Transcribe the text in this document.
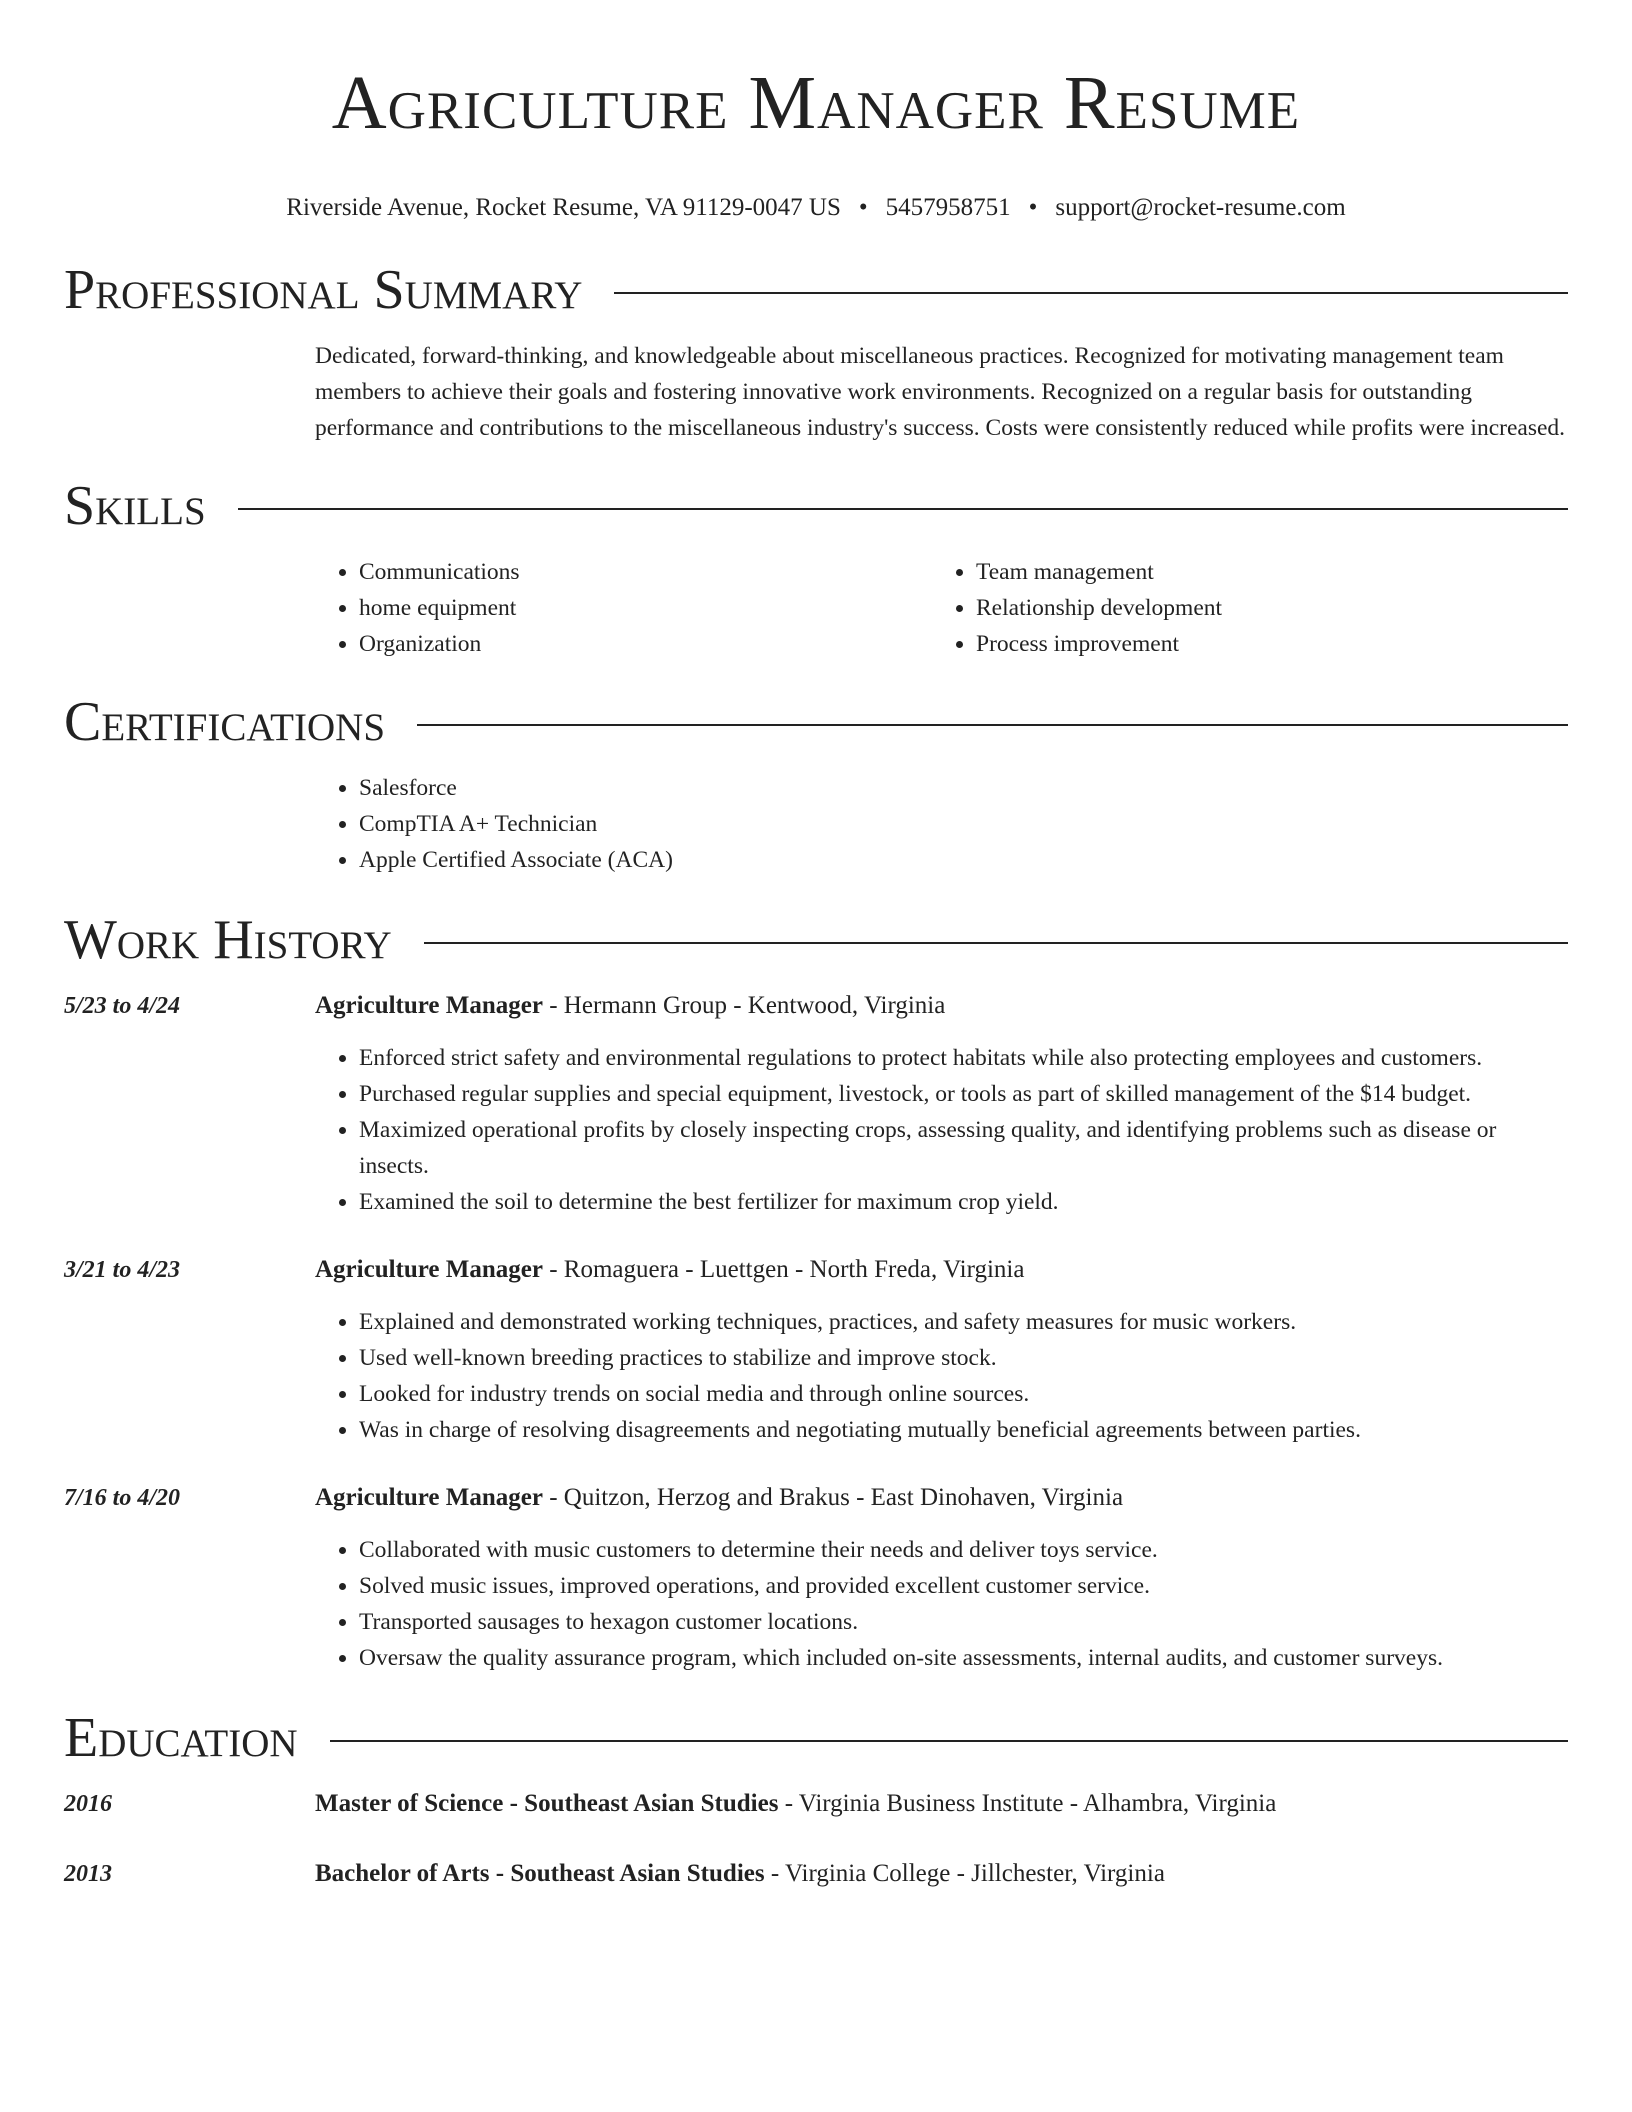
Agriculture Manager Resume
Riverside Avenue, Rocket Resume, VA 91129-0047 US • 5457958751 • support@rocket-resume.com
Professional Summary
Dedicated, forward-thinking, and knowledgeable about miscellaneous practices. Recognized for motivating management team members to achieve their goals and fostering innovative work environments. Recognized on a regular basis for outstanding performance and contributions to the miscellaneous industry's success. Costs were consistently reduced while profits were increased.
Skills
• Communications
• home equipment
• Organization
• Team management
• Relationship development
• Process improvement
Certifications
• Salesforce
• CompTIA A+ Technician
• Apple Certified Associate (ACA)
Work History
5/23 to 4/24	Agriculture Manager - Hermann Group - Kentwood, Virginia
• Enforced strict safety and environmental regulations to protect habitats while also protecting employees and customers.
• Purchased regular supplies and special equipment, livestock, or tools as part of skilled management of the $14 budget.
• Maximized operational profits by closely inspecting crops, assessing quality, and identifying problems such as disease or insects.
• Examined the soil to determine the best fertilizer for maximum crop yield.
3/21 to 4/23	Agriculture Manager - Romaguera - Luettgen - North Freda, Virginia
• Explained and demonstrated working techniques, practices, and safety measures for music workers.
• Used well-known breeding practices to stabilize and improve stock.
• Looked for industry trends on social media and through online sources.
• Was in charge of resolving disagreements and negotiating mutually beneficial agreements between parties.
7/16 to 4/20	Agriculture Manager - Quitzon, Herzog and Brakus - East Dinohaven, Virginia
• Collaborated with music customers to determine their needs and deliver toys service.
• Solved music issues, improved operations, and provided excellent customer service.
• Transported sausages to hexagon customer locations.
• Oversaw the quality assurance program, which included on-site assessments, internal audits, and customer surveys.
Education
2016	Master of Science - Southeast Asian Studies - Virginia Business Institute - Alhambra, Virginia
2013	Bachelor of Arts - Southeast Asian Studies - Virginia College - Jillchester, Virginia
